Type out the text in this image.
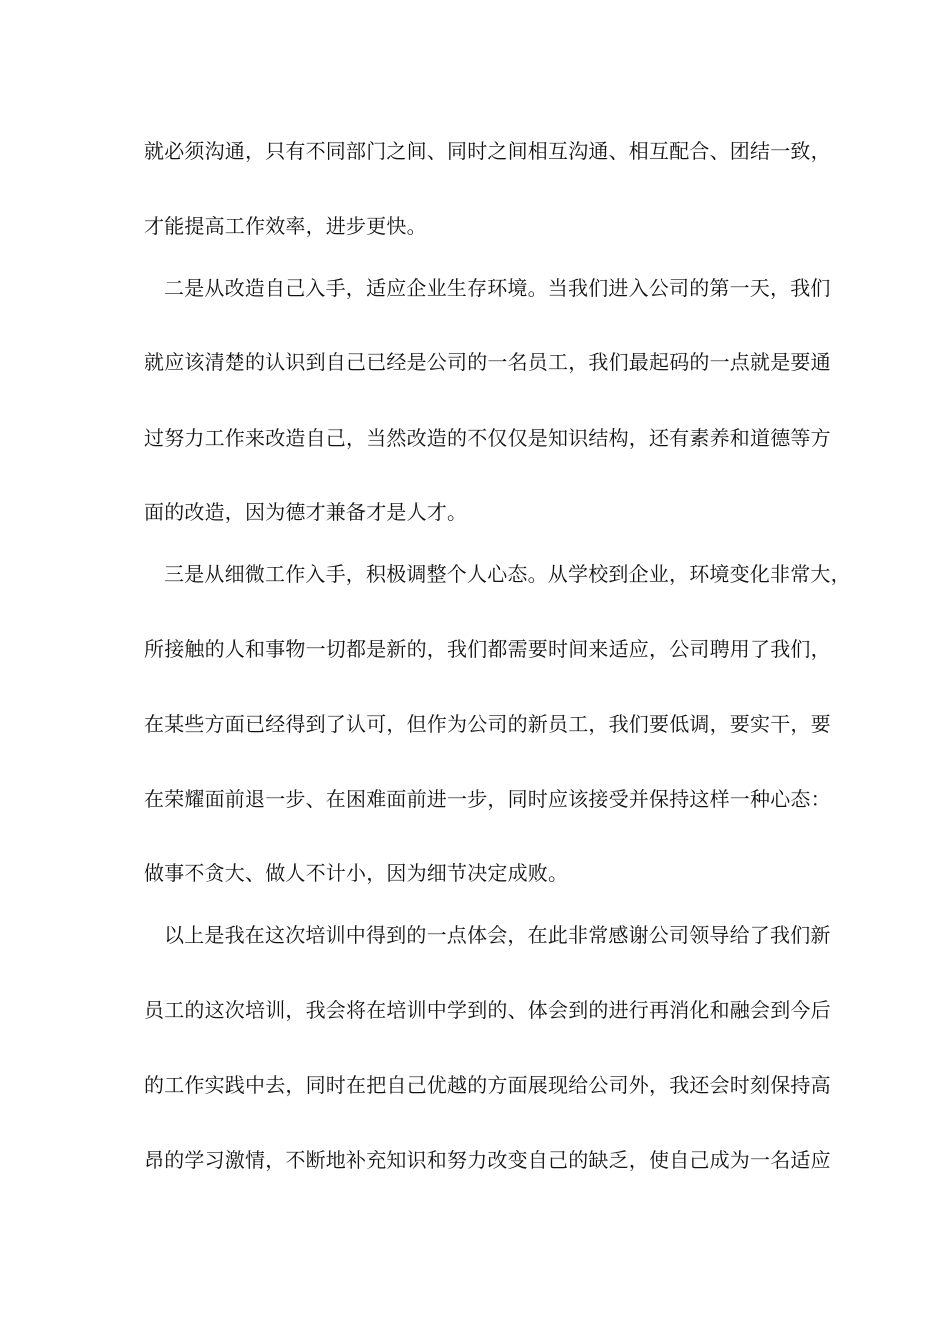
就必须沟通，只有不同部门之间、同时之间相互沟通、相互配合、团结一致，
才能提高工作效率，进步更快。
二是从改造自己入手，适应企业生存环境。当我们进入公司的第一天，我们
就应该清楚的认识到自己已经是公司的一名员工，我们最起码的一点就是要通
过努力工作来改造自己，当然改造的不仅仅是知识结构，还有素养和道德等方
面的改造，因为德才兼备才是人才。
三是从细微工作入手，积极调整个人心态。从学校到企业，环境变化非常大，
所接触的人和事物一切都是新的，我们都需要时间来适应，公司聘用了我们，
在某些方面已经得到了认可，但作为公司的新员工，我们要低调，要实干，要
在荣耀面前退一步、在困难面前进一步，同时应该接受并保持这样一种心态：
做事不贪大、做人不计小，因为细节决定成败。
以上是我在这次培训中得到的一点体会，在此非常感谢公司领导给了我们新
员工的这次培训，我会将在培训中学到的、体会到的进行再消化和融会到今后
的工作实践中去，同时在把自己优越的方面展现给公司外，我还会时刻保持高
昂的学习激情，不断地补充知识和努力改变自己的缺乏，使自己成为一名适应
